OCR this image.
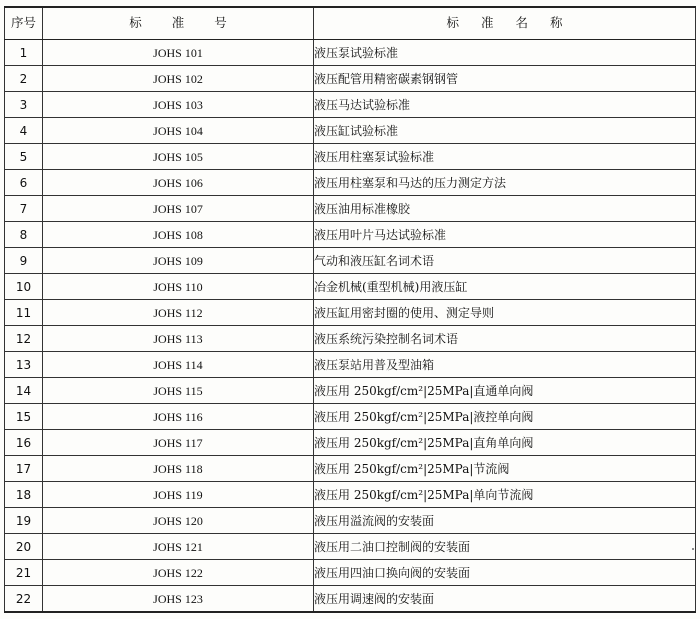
序号	标准号	标准名称
1	JOHS 101	液压泵试验标准
2	JOHS 102	液压配管用精密碳素钢钢管
3	JOHS 103	液压马达试验标准
4	JOHS 104	液压缸试验标准
5	JOHS 105	液压用柱塞泵试验标准
6	JOHS 106	液压用柱塞泵和马达的压力测定方法
7	JOHS 107	液压油用标准橡胶
8	JOHS 108	液压用叶片马达试验标准
9	JOHS 109	气动和液压缸名词术语
10	JOHS 110	冶金机械(重型机械)用液压缸
11	JOHS 112	液压缸用密封圈的使用、测定导则
12	JOHS 113	液压系统污染控制名词术语
13	JOHS 114	液压泵站用普及型油箱
14	JOHS 115	液压用 250kgf/cm²|25MPa|直通单向阀
15	JOHS 116	液压用 250kgf/cm²|25MPa|液控单向阀
16	JOHS 117	液压用 250kgf/cm²|25MPa|直角单向阀
17	JOHS 118	液压用 250kgf/cm²|25MPa|节流阀
18	JOHS 119	液压用 250kgf/cm²|25MPa|单向节流阀
19	JOHS 120	液压用溢流阀的安装面
20	JOHS 121	液压用二油口控制阀的安装面
21	JOHS 122	液压用四油口换向阀的安装面
22	JOHS 123	液压用调速阀的安装面
